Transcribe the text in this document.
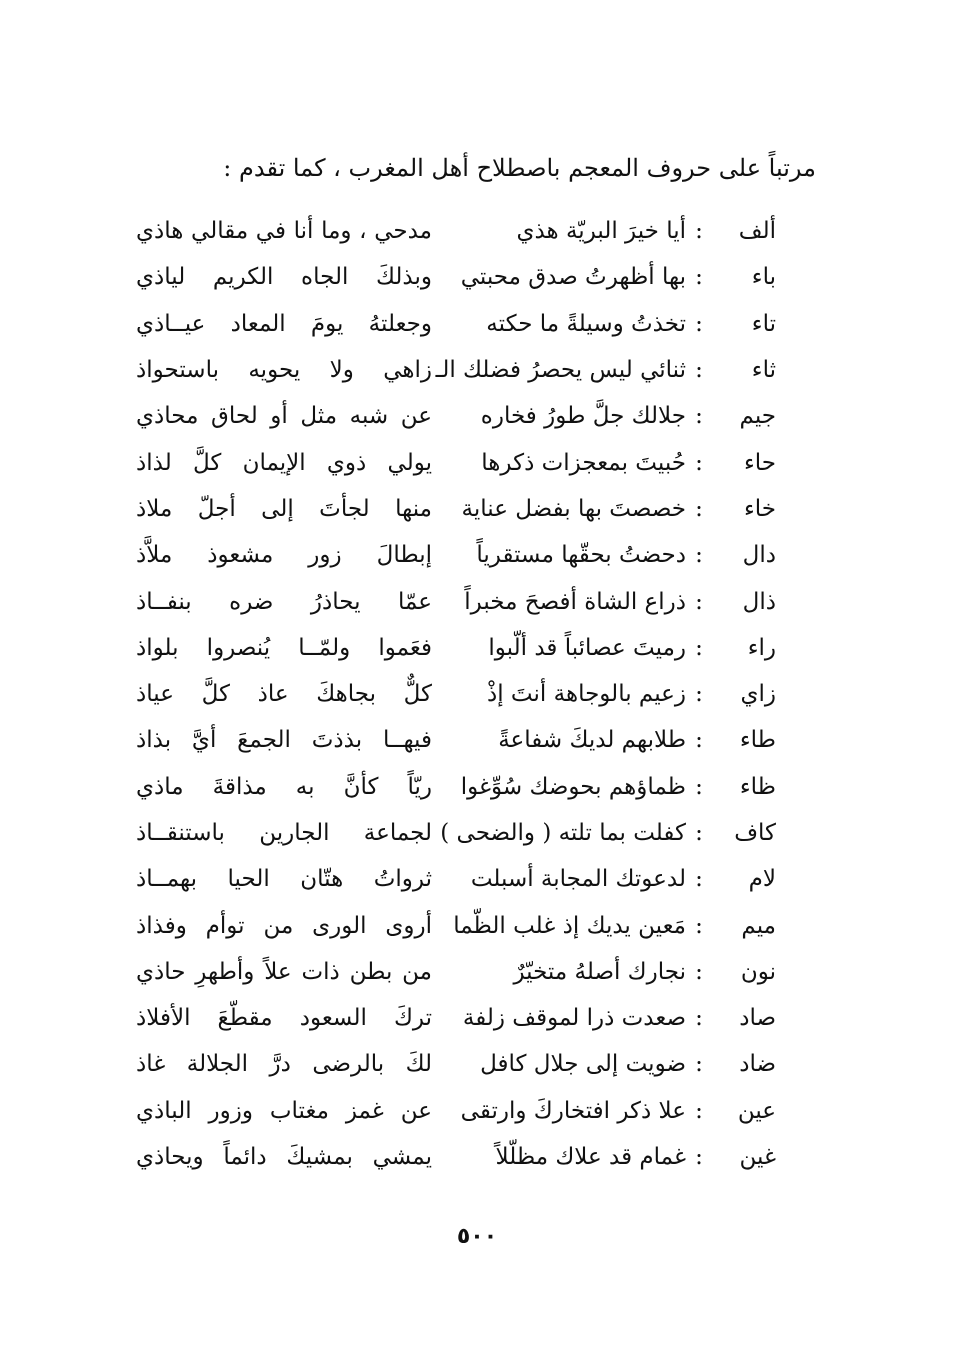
مرتباً على حروف المعجم باصطلاح أهل المغرب ، كما تقدم :
ألف
:
أيا خيرَ البريّة هذي
مدحي ، وما أنا في مقالي هاذي
باء
:
بها أظهرتُ صدق محبتي
وبذلكَ الجاه الكريم لياذي
تاء
:
تخذتُ وسيلةً ما حكته
وجعلتهُ يومَ المعاد عيــاذي
ثاء
:
ثنائي ليس يحصرُ فضلك الـ
زاهي ولا يحويه باستحواذ
جيم
:
جلالك جلَّ طورُ فخاره
عن شبه مثل أو لحاق محاذي
حاء
:
حُبيتَ بمعجزات ذكرها
يولي ذوي الإيمان كلَّ لذاذ
خاء
:
خصصتَ بها بفضل عناية
منها لجأتَ إلى أجلّ ملاذ
دال
:
دحضتُ بحقّها مستقرياً
إبطالَ زور مشعوذ ملاَّذ
ذال
:
ذراع الشاة أفصحَ مخبراً
عمّا يحاذرُ ضره بنفــاذ
راء
:
رميتَ عصائباً قد ألّبوا
فعَموا ولمّــا يُنصروا بلواذ
زاي
:
زعيم بالوجاهة أنتَ إذْ
كلٌّ بجاهكَ عاذ كلَّ عياذ
طاء
:
طلابهم لديكَ شفاعةً
فيهــا بذذتَ الجمعَ أيَّ بذاذ
ظاء
:
ظماؤهم بحوضك سُوِّغوا
ريّاً كأنَّ به مذاقةَ ماذي
كاف
:
كفلت بما تلته ( والضحى )
لجماعة الجارين باستنقــاذ
لام
:
لدعوتك المجابة أسبلت
ثرواتُ هتّان الحيا بهمــاذ
ميم
:
مَعين يديك إذ غلب الظّما
أروى الورى من توأم وفذاذ
نون
:
نجارك أصلهُ متخيّرٌ
من بطن ذات علاً وأطهرِ حاذي
صاد
:
صعدت ذرا لموقف زلفة
تركَ السعود مقطّعَ الأفلاذ
ضاد
:
ضويت إلى جلال كافل
لكَ بالرضى درَّ الجلالة غاذ
عين
:
علا ذكر افتخاركَ وارتقى
عن غمز مغتاب وزور الباذي
غين
:
غمام قد علاك مظلّلاً
يمشي بمشيكَ دائماً ويحاذي
٥٠٠
